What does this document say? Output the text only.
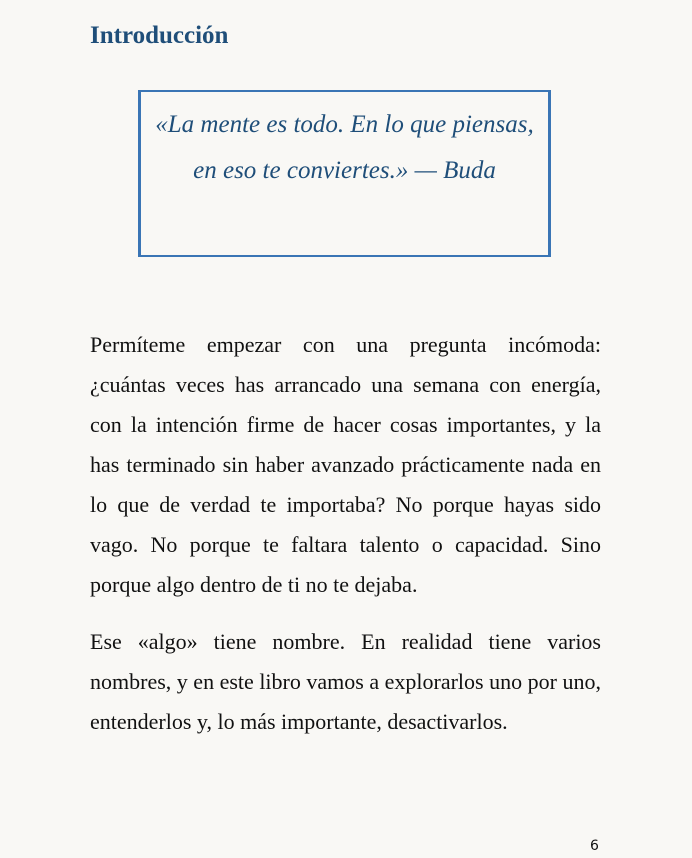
Introducción

«La mente es todo. En lo que piensas, en eso te conviertes.» — Buda

Permíteme empezar con una pregunta incómoda: ¿cuántas veces has arrancado una semana con energía, con la intención firme de hacer cosas importantes, y la has terminado sin haber avanzado prácticamente nada en lo que de verdad te importaba? No porque hayas sido vago. No porque te faltara talento o capacidad. Sino porque algo dentro de ti no te dejaba.

Ese «algo» tiene nombre. En realidad tiene varios nombres, y en este libro vamos a explorarlos uno por uno, entenderlos y, lo más importante, desactivarlos.

6
